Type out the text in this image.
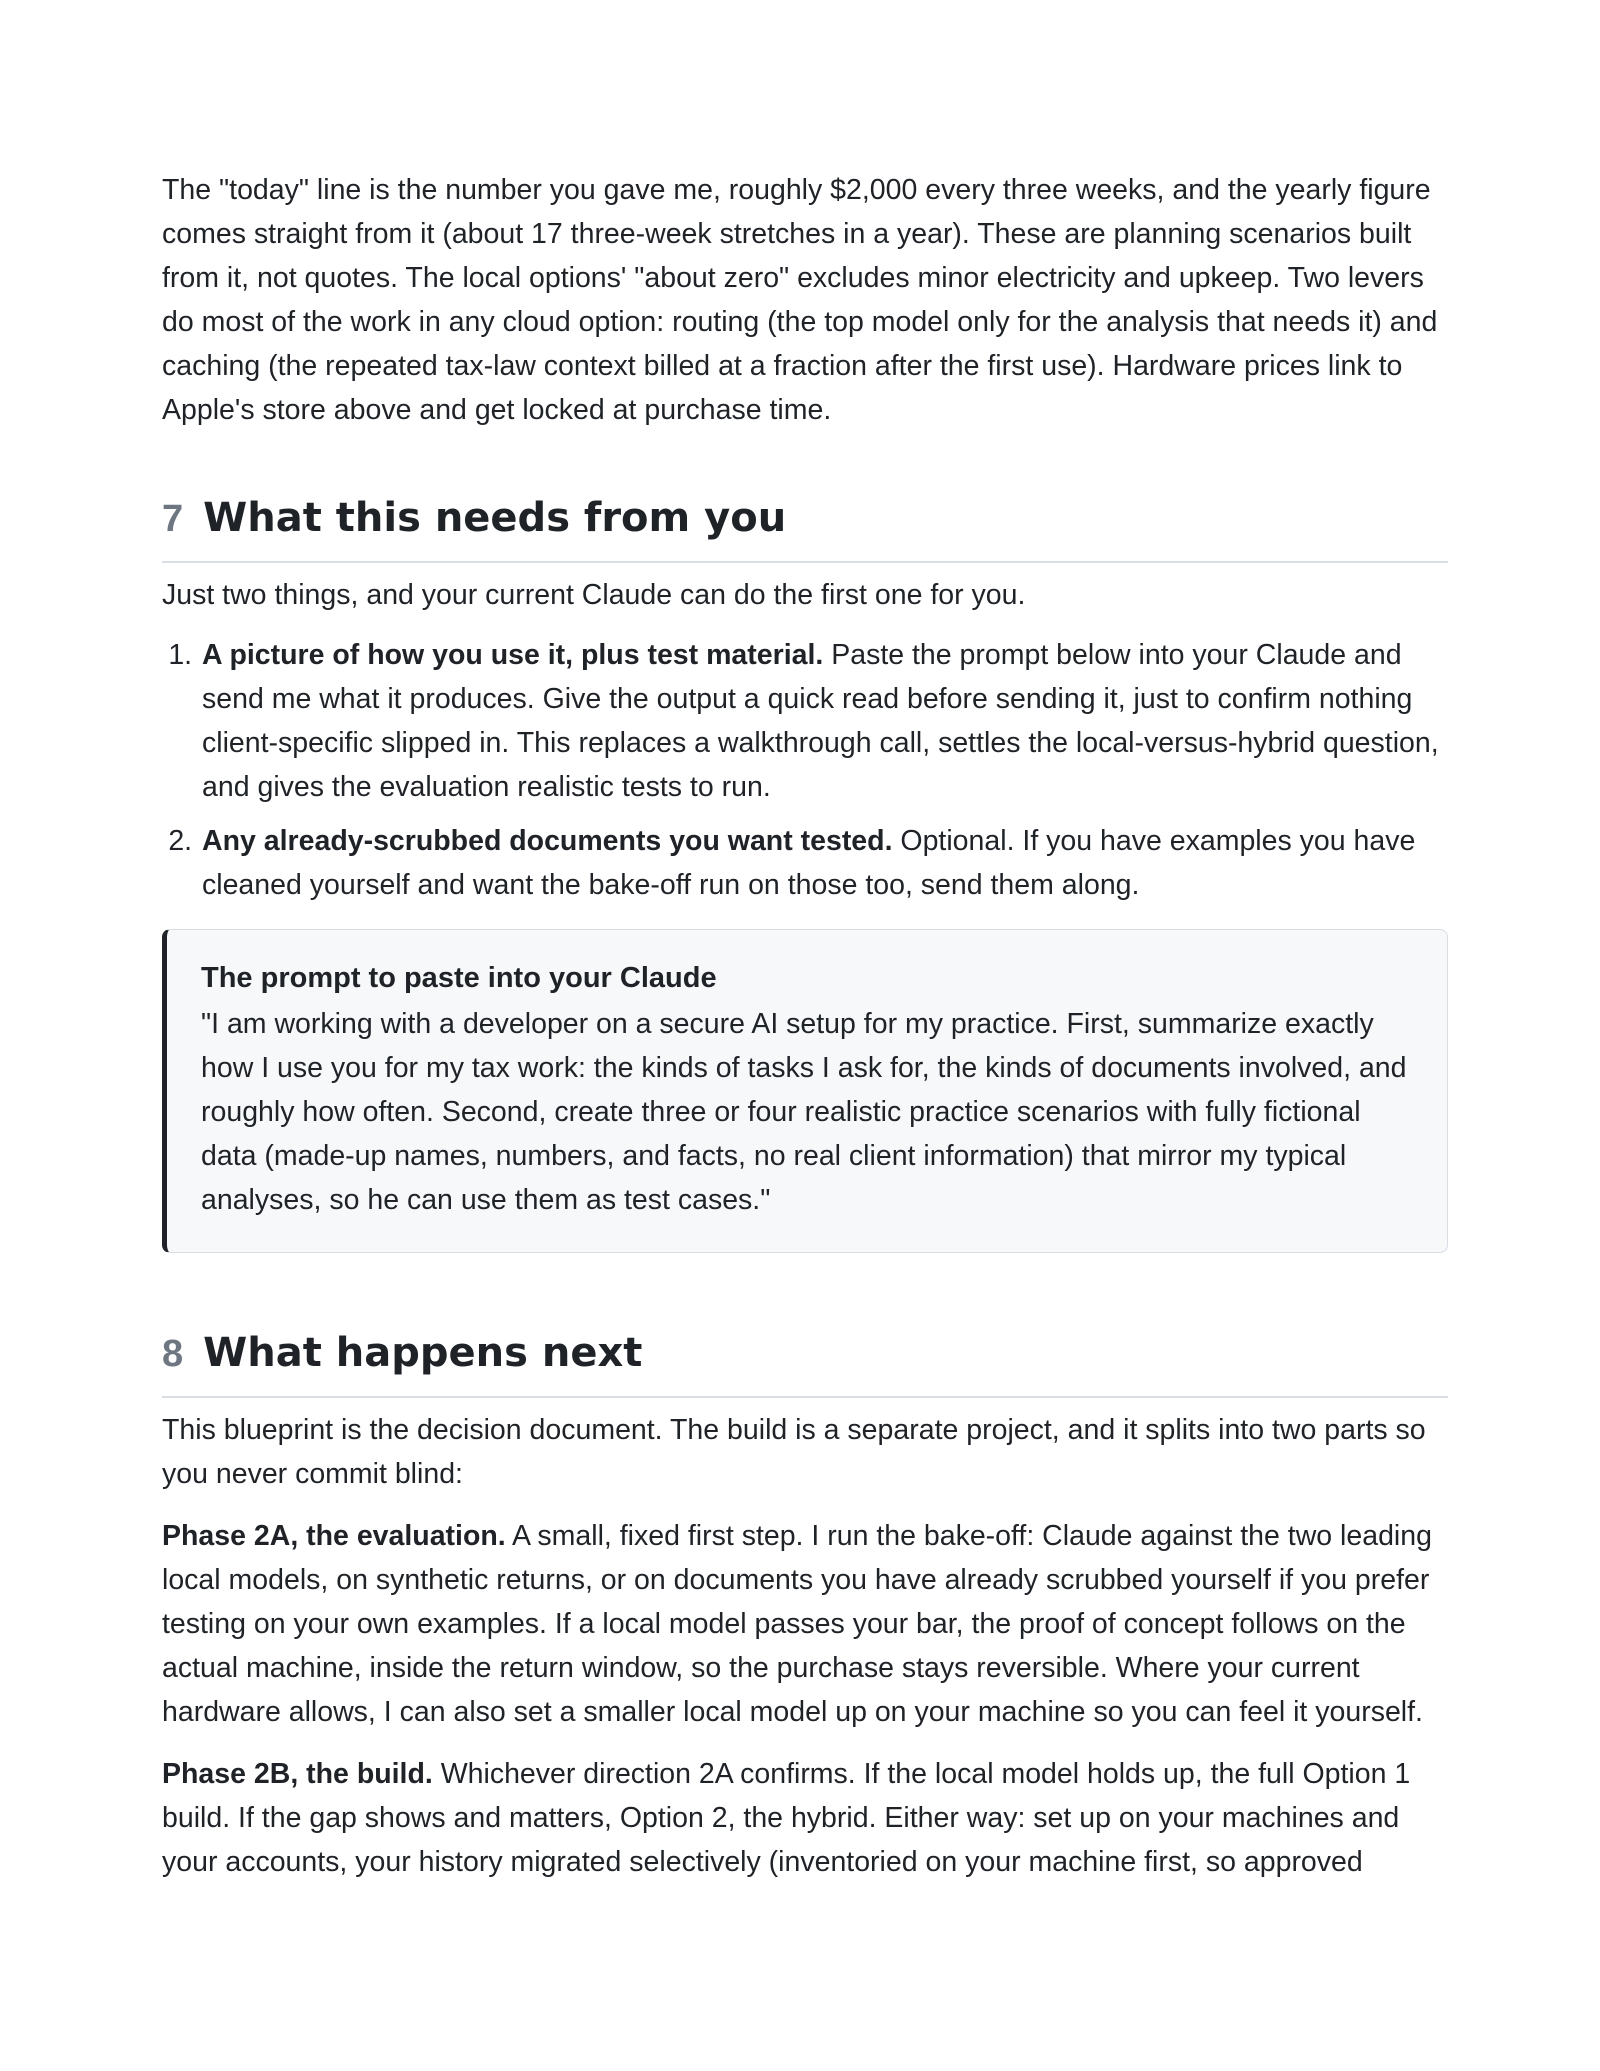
The "today" line is the number you gave me, roughly $2,000 every three weeks, and the yearly figure comes straight from it (about 17 three-week stretches in a year). These are planning scenarios built from it, not quotes. The local options' "about zero" excludes minor electricity and upkeep. Two levers do most of the work in any cloud option: routing (the top model only for the analysis that needs it) and caching (the repeated tax-law context billed at a fraction after the first use). Hardware prices link to Apple's store above and get locked at purchase time.

7 What this needs from you

Just two things, and your current Claude can do the first one for you.

1. A picture of how you use it, plus test material. Paste the prompt below into your Claude and send me what it produces. Give the output a quick read before sending it, just to confirm nothing client-specific slipped in. This replaces a walkthrough call, settles the local-versus-hybrid question, and gives the evaluation realistic tests to run.
2. Any already-scrubbed documents you want tested. Optional. If you have examples you have cleaned yourself and want the bake-off run on those too, send them along.
The prompt to paste into your Claude

"I am working with a developer on a secure AI setup for my practice. First, summarize exactly how I use you for my tax work: the kinds of tasks I ask for, the kinds of documents involved, and roughly how often. Second, create three or four realistic practice scenarios with fully fictional data (made-up names, numbers, and facts, no real client information) that mirror my typical analyses, so he can use them as test cases."

8 What happens next

This blueprint is the decision document. The build is a separate project, and it splits into two parts so you never commit blind:

Phase 2A, the evaluation. A small, fixed first step. I run the bake-off: Claude against the two leading local models, on synthetic returns, or on documents you have already scrubbed yourself if you prefer testing on your own examples. If a local model passes your bar, the proof of concept follows on the actual machine, inside the return window, so the purchase stays reversible. Where your current hardware allows, I can also set a smaller local model up on your machine so you can feel it yourself.

Phase 2B, the build. Whichever direction 2A confirms. If the local model holds up, the full Option 1 build. If the gap shows and matters, Option 2, the hybrid. Either way: set up on your machines and your accounts, your history migrated selectively (inventoried on your machine first, so approved
